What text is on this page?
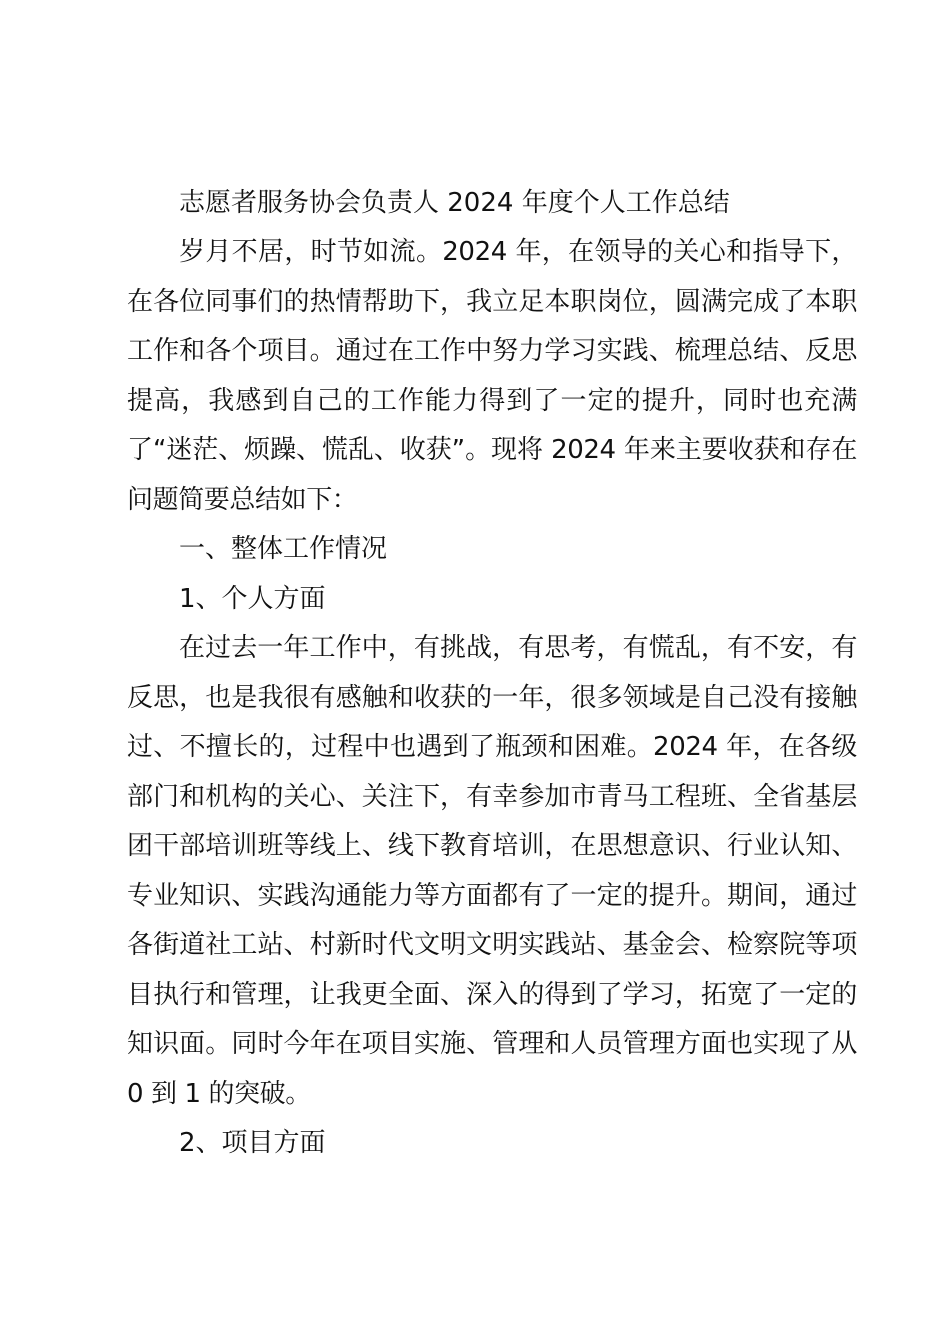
志愿者服务协会负责人 2024 年度个人工作总结

岁月不居，时节如流。2024 年，在领导的关心和指导下，在各位同事们的热情帮助下，我立足本职岗位，圆满完成了本职工作和各个项目。通过在工作中努力学习实践、梳理总结、反思提高，我感到自己的工作能力得到了一定的提升，同时也充满了“迷茫、烦躁、慌乱、收获”。现将 2024 年来主要收获和存在问题简要总结如下：

一、整体工作情况

1、个人方面

在过去一年工作中，有挑战，有思考，有慌乱，有不安，有反思，也是我很有感触和收获的一年，很多领域是自己没有接触过、不擅长的，过程中也遇到了瓶颈和困难。2024 年，在各级部门和机构的关心、关注下，有幸参加市青马工程班、全省基层团干部培训班等线上、线下教育培训，在思想意识、行业认知、专业知识、实践沟通能力等方面都有了一定的提升。期间，通过各街道社工站、村新时代文明文明实践站、基金会、检察院等项目执行和管理，让我更全面、深入的得到了学习，拓宽了一定的知识面。同时今年在项目实施、管理和人员管理方面也实现了从 0 到 1 的突破。

2、项目方面
